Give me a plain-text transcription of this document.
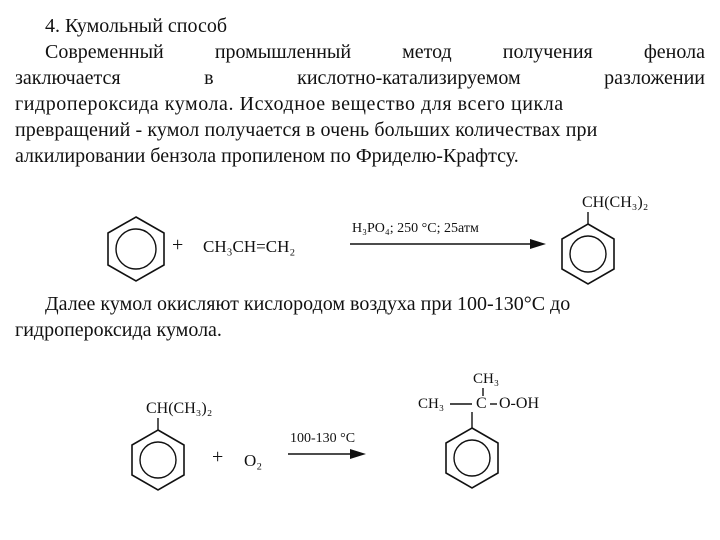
4. Кумольный способ
Современный	промышленный	метод	получения	фенола
заключается	в	кислотно-катализируемом	разложении
гидропероксида кумола. Исходное вещество для всего цикла
превращений - кумол получается в очень больших количествах при
алкилировании бензола пропиленом по Фриделю-Крафтсу.
+ CH₃CH=CH₂
H₃PO₄; 250 °C; 25атм
CH(CH₃)₂
Далее кумол окисляют кислородом воздуха при 100-130°С до
гидропероксида кумола.
CH(CH₃)₂
+ O₂
100-130 °C
CH₃
CH₃ C O-OH
